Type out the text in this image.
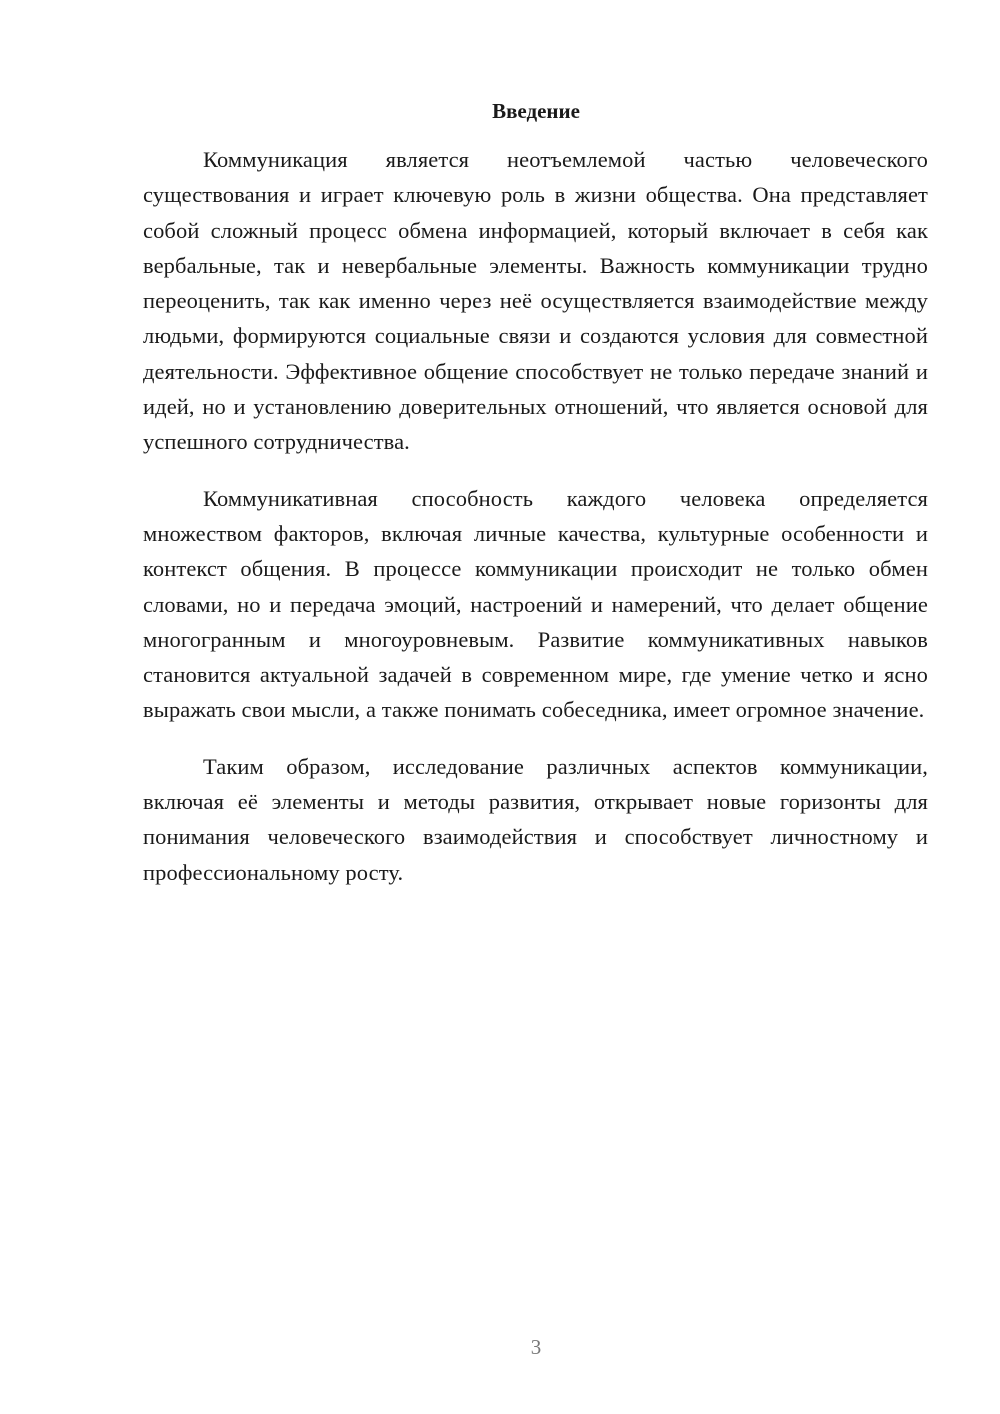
Введение

Коммуникация является неотъемлемой частью человеческого существования и играет ключевую роль в жизни общества. Она представляет собой сложный процесс обмена информацией, который включает в себя как вербальные, так и невербальные элементы. Важность коммуникации трудно переоценить, так как именно через неё осуществляется взаимодействие между людьми, формируются социальные связи и создаются условия для совместной деятельности. Эффективное общение способствует не только передаче знаний и идей, но и установлению доверительных отношений, что является основой для успешного сотрудничества.

Коммуникативная способность каждого человека определяется множеством факторов, включая личные качества, культурные особенности и контекст общения. В процессе коммуникации происходит не только обмен словами, но и передача эмоций, настроений и намерений, что делает общение многогранным и многоуровневым. Развитие коммуникативных навыков становится актуальной задачей в современном мире, где умение четко и ясно выражать свои мысли, а также понимать собеседника, имеет огромное значение.

Таким образом, исследование различных аспектов коммуникации, включая её элементы и методы развития, открывает новые горизонты для понимания человеческого взаимодействия и способствует личностному и профессиональному росту.

3
